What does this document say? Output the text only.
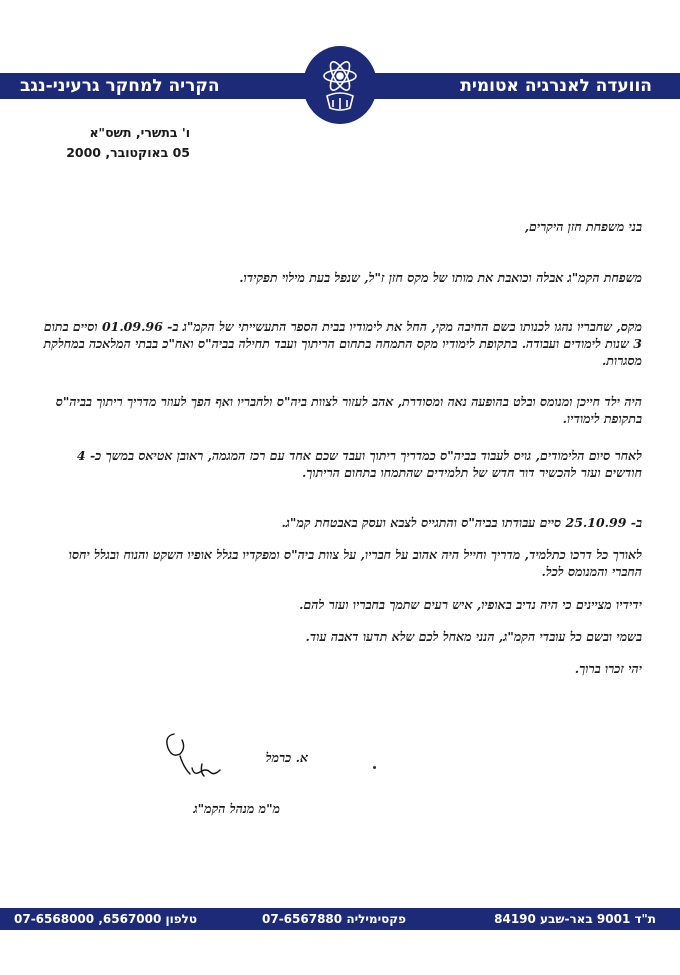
הוועדה לאנרגיה אטומית
הקריה למחקר גרעיני-נגב
ו' בתשרי, תשס"א
05 באוקטובר, 2000

בני משפחת חזן היקרים,

משפחת הקמ"ג אבלה וכואבת את מותו של מקס חזן ז"ל, שנפל בעת מילוי תפקידו.

מקס, שחבריו נהגו לכנותו בשם החיבה מקי, החל את לימודיו בבית הספר התעשייתי של הקמ"ג ב- 01.09.96 וסיים בתום 3 שנות לימודים ועבודה. בתקופת לימודיו מקס התמחה בתחום הריתוך ועבד תחילה בביה"ס ואח"כ בבתי המלאכה במחלקת מסגרות.

היה ילד חייכן ומנומס ובלט בהופעה נאה ומסודרת, אהב לעזור לצוות ביה"ס ולחבריו ואף הפך לעוזר מדריך ריתוך בביה"ס בתקופת לימודיו.

לאחר סיום הלימודים, גויס לעבוד בביה"ס כמדריך ריתוך ועבד שכם אחד עם רכז המגמה, ראובן אטיאס במשך כ- 4 חודשים ועזר להכשיר דור חדש של תלמידים שהתמחו בתחום הריתוך.

ב- 25.10.99 סיים עבודתו בביה"ס והתגייס לצבא ועסק באבטחת קמ"ג.

לאורך כל דרכו כתלמיד, מדריך וחייל היה אהוב על חבריו, על צוות ביה"ס ומפקדיו בגלל אופיו השקט והנוח ובגלל יחסו החברי והמנומס לכל.

ידידיו מציינים כי היה נדיב באופיו, איש רעים שתמך בחבריו ועזר להם.

בשמי ובשם כל עובדי הקמ"ג, הנני מאחל לכם שלא תדעו דאבה עוד.

יהי זכרו ברוך.

א. כרמל
מ"מ מנהל הקמ"ג
ת"ד 9001 באר-שבע 84190
פקסימיליה 07-6567880
טלפון 6567000, 07-6568000
